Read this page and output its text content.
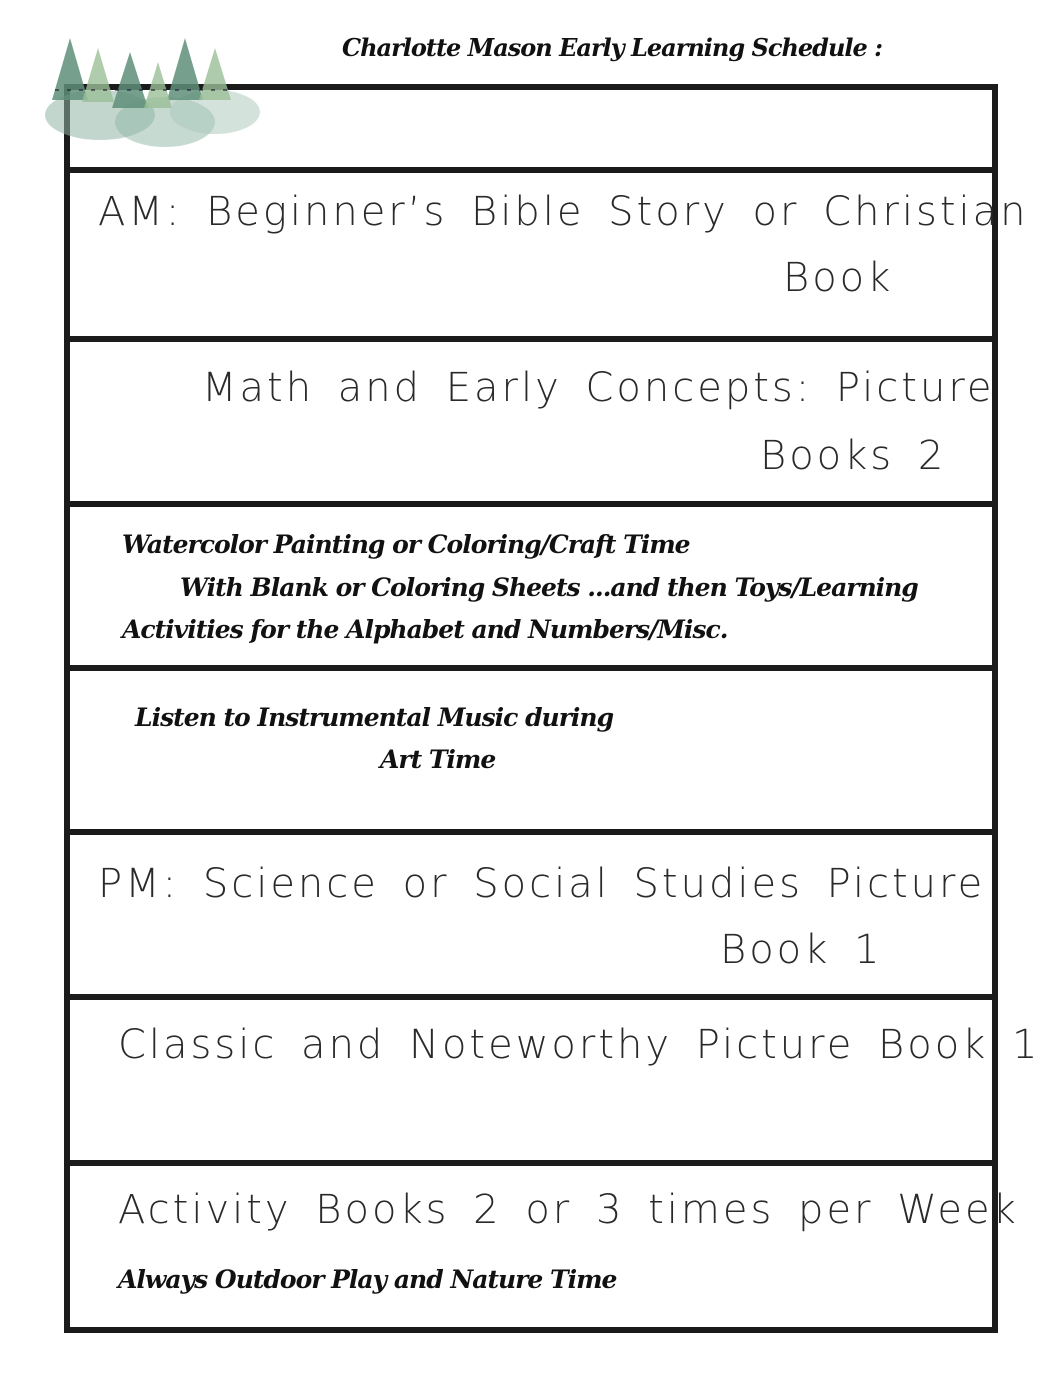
Charlotte Mason Early Learning Schedule :
AM: Beginner’s Bible Story or Christian
Book
Math and Early Concepts: Picture
Books 2
Watercolor Painting or Coloring/Craft Time
With Blank or Coloring Sheets ...and then Toys/Learning
Activities for the Alphabet and Numbers/Misc.
Listen to Instrumental Music during
Art Time
PM: Science or Social Studies Picture
Book 1
Classic and Noteworthy Picture Book 1
Activity Books 2 or 3 times per Week
Always Outdoor Play and Nature Time
